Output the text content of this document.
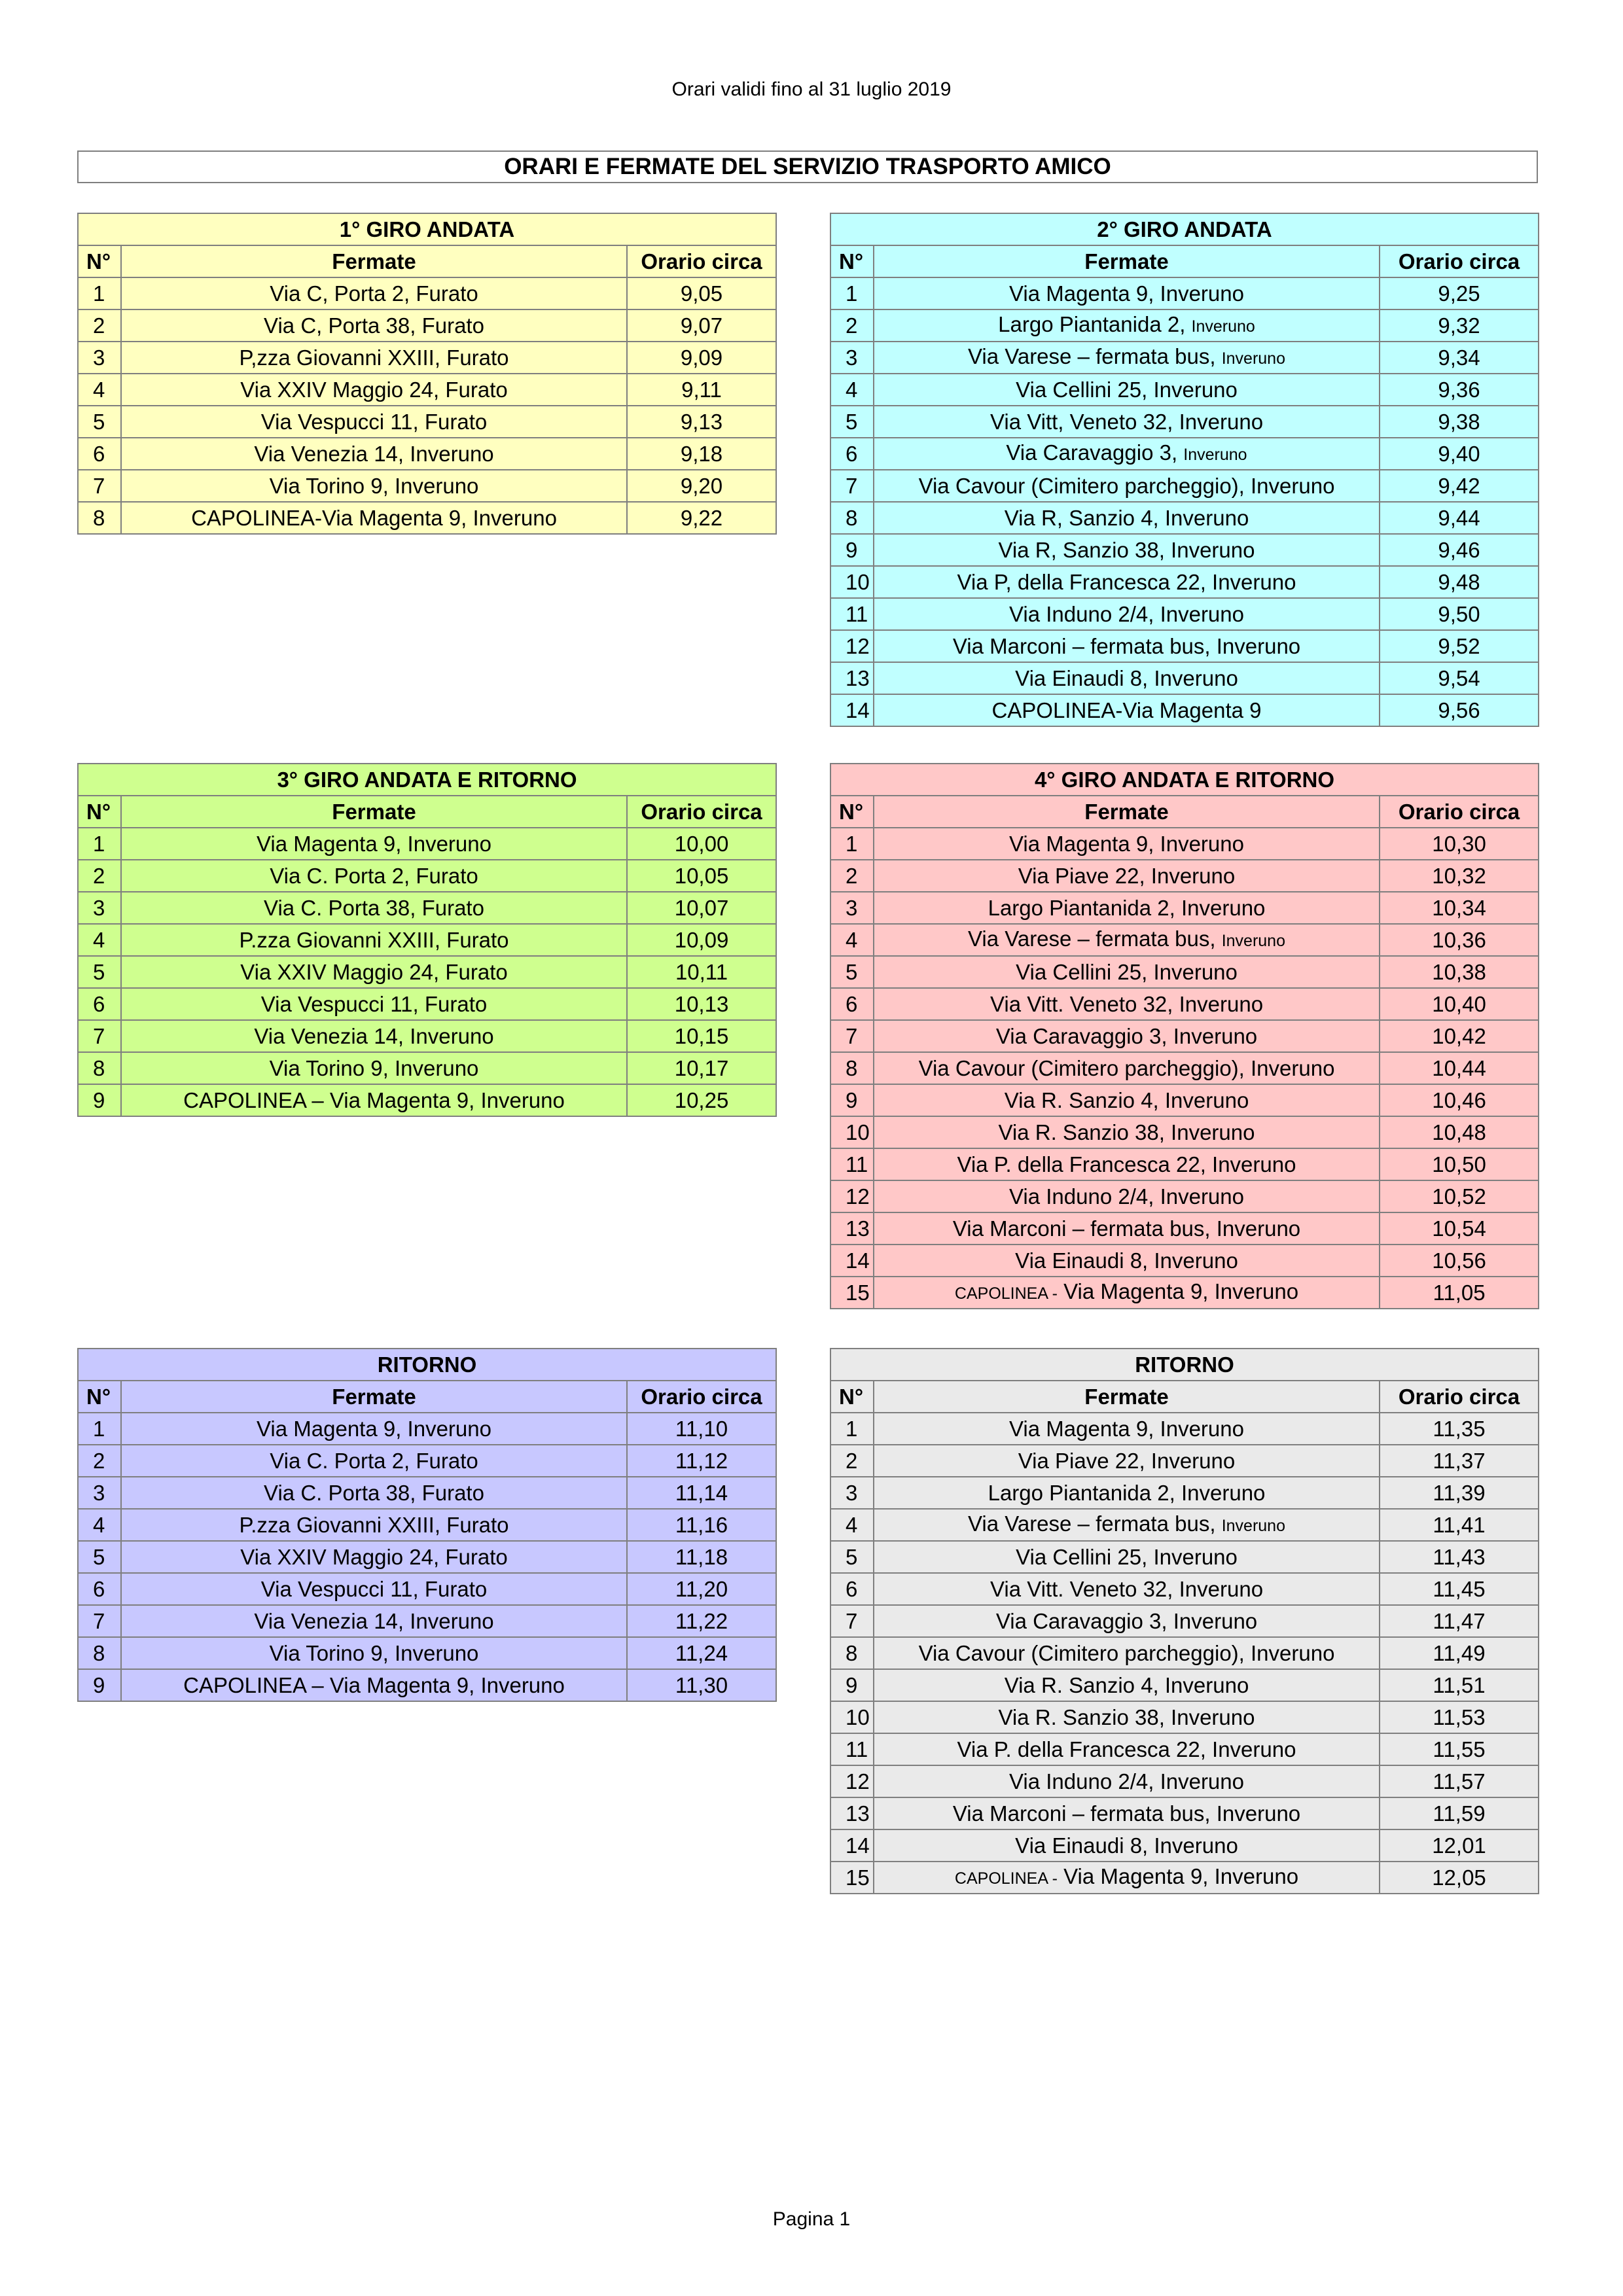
Orari validi fino al 31 luglio 2019
ORARI E FERMATE DEL SERVIZIO TRASPORTO AMICO
1° GIRO ANDATA		
N°	Fermate	Orario circa
1	Via C, Porta 2, Furato	9,05
2	Via C, Porta 38, Furato	9,07
3	P,zza Giovanni XXIII, Furato	9,09
4	Via XXIV Maggio 24, Furato	9,11
5	Via Vespucci 11, Furato	9,13
6	Via Venezia 14, Inveruno	9,18
7	Via Torino 9, Inveruno	9,20
8	CAPOLINEA-Via Magenta 9, Inveruno	9,22
2° GIRO ANDATA		
N°	Fermate	Orario circa
1	Via Magenta 9, Inveruno	9,25
2	Largo Piantanida 2, Inveruno	9,32
3	Via Varese – fermata bus, Inveruno	9,34
4	Via Cellini 25, Inveruno	9,36
5	Via Vitt, Veneto 32, Inveruno	9,38
6	Via Caravaggio 3, Inveruno	9,40
7	Via Cavour (Cimitero parcheggio), Inveruno	9,42
8	Via R, Sanzio 4, Inveruno	9,44
9	Via R, Sanzio 38, Inveruno	9,46
10	Via P, della Francesca 22, Inveruno	9,48
11	Via Induno 2/4, Inveruno	9,50
12	Via Marconi – fermata bus, Inveruno	9,52
13	Via Einaudi 8, Inveruno	9,54
14	CAPOLINEA-Via Magenta 9	9,56
3° GIRO ANDATA E RITORNO		
N°	Fermate	Orario circa
1	Via Magenta 9, Inveruno	10,00
2	Via C. Porta 2, Furato	10,05
3	Via C. Porta 38, Furato	10,07
4	P.zza Giovanni XXIII, Furato	10,09
5	Via XXIV Maggio 24, Furato	10,11
6	Via Vespucci 11, Furato	10,13
7	Via Venezia 14, Inveruno	10,15
8	Via Torino 9, Inveruno	10,17
9	CAPOLINEA – Via Magenta 9, Inveruno	10,25
4° GIRO ANDATA E RITORNO		
N°	Fermate	Orario circa
1	Via Magenta 9, Inveruno	10,30
2	Via Piave 22, Inveruno	10,32
3	Largo Piantanida 2, Inveruno	10,34
4	Via Varese – fermata bus, Inveruno	10,36
5	Via Cellini 25, Inveruno	10,38
6	Via Vitt. Veneto 32, Inveruno	10,40
7	Via Caravaggio 3, Inveruno	10,42
8	Via Cavour (Cimitero parcheggio), Inveruno	10,44
9	Via R. Sanzio 4, Inveruno	10,46
10	Via R. Sanzio 38, Inveruno	10,48
11	Via P. della Francesca 22, Inveruno	10,50
12	Via Induno 2/4, Inveruno	10,52
13	Via Marconi – fermata bus, Inveruno	10,54
14	Via Einaudi 8, Inveruno	10,56
15	CAPOLINEA - Via Magenta 9, Inveruno	11,05
RITORNO		
N°	Fermate	Orario circa
1	Via Magenta 9, Inveruno	11,10
2	Via C. Porta 2, Furato	11,12
3	Via C. Porta 38, Furato	11,14
4	P.zza Giovanni XXIII, Furato	11,16
5	Via XXIV Maggio 24, Furato	11,18
6	Via Vespucci 11, Furato	11,20
7	Via Venezia 14, Inveruno	11,22
8	Via Torino 9, Inveruno	11,24
9	CAPOLINEA – Via Magenta 9, Inveruno	11,30
RITORNO		
N°	Fermate	Orario circa
1	Via Magenta 9, Inveruno	11,35
2	Via Piave 22, Inveruno	11,37
3	Largo Piantanida 2, Inveruno	11,39
4	Via Varese – fermata bus, Inveruno	11,41
5	Via Cellini 25, Inveruno	11,43
6	Via Vitt. Veneto 32, Inveruno	11,45
7	Via Caravaggio 3, Inveruno	11,47
8	Via Cavour (Cimitero parcheggio), Inveruno	11,49
9	Via R. Sanzio 4, Inveruno	11,51
10	Via R. Sanzio 38, Inveruno	11,53
11	Via P. della Francesca 22, Inveruno	11,55
12	Via Induno 2/4, Inveruno	11,57
13	Via Marconi – fermata bus, Inveruno	11,59
14	Via Einaudi 8, Inveruno	12,01
15	CAPOLINEA - Via Magenta 9, Inveruno	12,05
Pagina 1
